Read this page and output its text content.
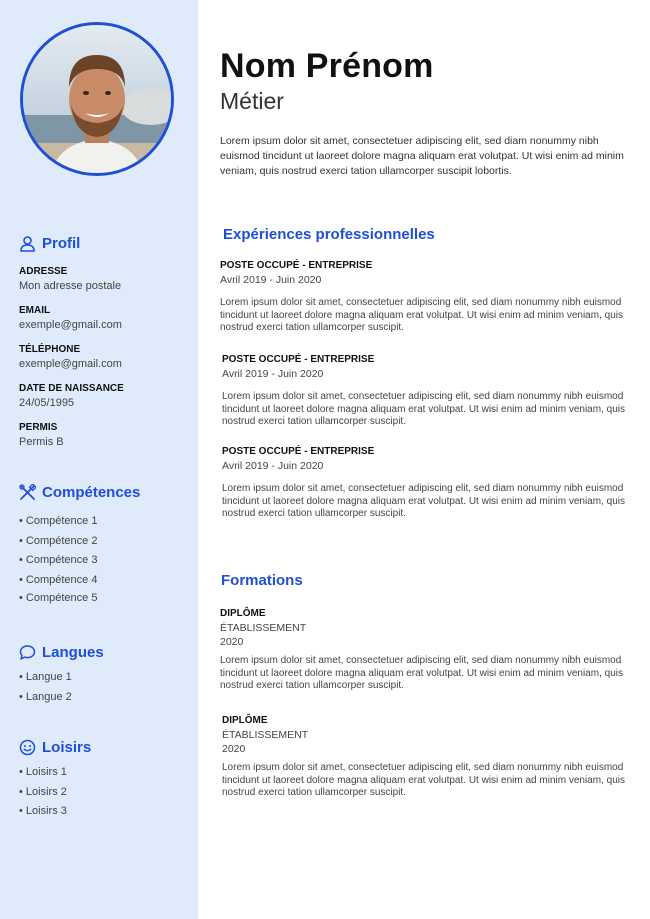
Profil
ADRESSE
Mon adresse postale
EMAIL
exemple@gmail.com
TÉLÉPHONE
exemple@gmail.com
DATE DE NAISSANCE
24/05/1995
PERMIS
Permis B
Compétences
• Compétence 1
• Compétence 2
• Compétence 3
• Compétence 4
• Compétence 5
Langues
• Langue 1
• Langue 2
Loisirs
• Loisirs 1
• Loisirs 2
• Loisirs 3
Nom Prénom
Métier
Lorem ipsum dolor sit amet, consectetuer adipiscing elit, sed diam nonummy nibh euismod tincidunt ut laoreet dolore magna aliquam erat volutpat. Ut wisi enim ad minim veniam, quis nostrud exerci tation ullamcorper suscipit lobortis.
Expériences professionnelles
POSTE OCCUPÉ - ENTREPRISE
Avril 2019 - Juin 2020
Lorem ipsum dolor sit amet, consectetuer adipiscing elit, sed diam nonummy nibh euismod tincidunt ut laoreet dolore magna aliquam erat volutpat. Ut wisi enim ad minim veniam, quis nostrud exerci tation ullamcorper suscipit.
POSTE OCCUPÉ - ENTREPRISE
Avril 2019 - Juin 2020
Lorem ipsum dolor sit amet, consectetuer adipiscing elit, sed diam nonummy nibh euismod tincidunt ut laoreet dolore magna aliquam erat volutpat. Ut wisi enim ad minim veniam, quis nostrud exerci tation ullamcorper suscipit.
POSTE OCCUPÉ - ENTREPRISE
Avril 2019 - Juin 2020
Lorem ipsum dolor sit amet, consectetuer adipiscing elit, sed diam nonummy nibh euismod tincidunt ut laoreet dolore magna aliquam erat volutpat. Ut wisi enim ad minim veniam, quis nostrud exerci tation ullamcorper suscipit.
Formations
DIPLÔME
ÉTABLISSEMENT
2020
Lorem ipsum dolor sit amet, consectetuer adipiscing elit, sed diam nonummy nibh euismod tincidunt ut laoreet dolore magna aliquam erat volutpat. Ut wisi enim ad minim veniam, quis nostrud exerci tation ullamcorper suscipit.
DIPLÔME
ÉTABLISSEMENT
2020
Lorem ipsum dolor sit amet, consectetuer adipiscing elit, sed diam nonummy nibh euismod tincidunt ut laoreet dolore magna aliquam erat volutpat. Ut wisi enim ad minim veniam, quis nostrud exerci tation ullamcorper suscipit.
